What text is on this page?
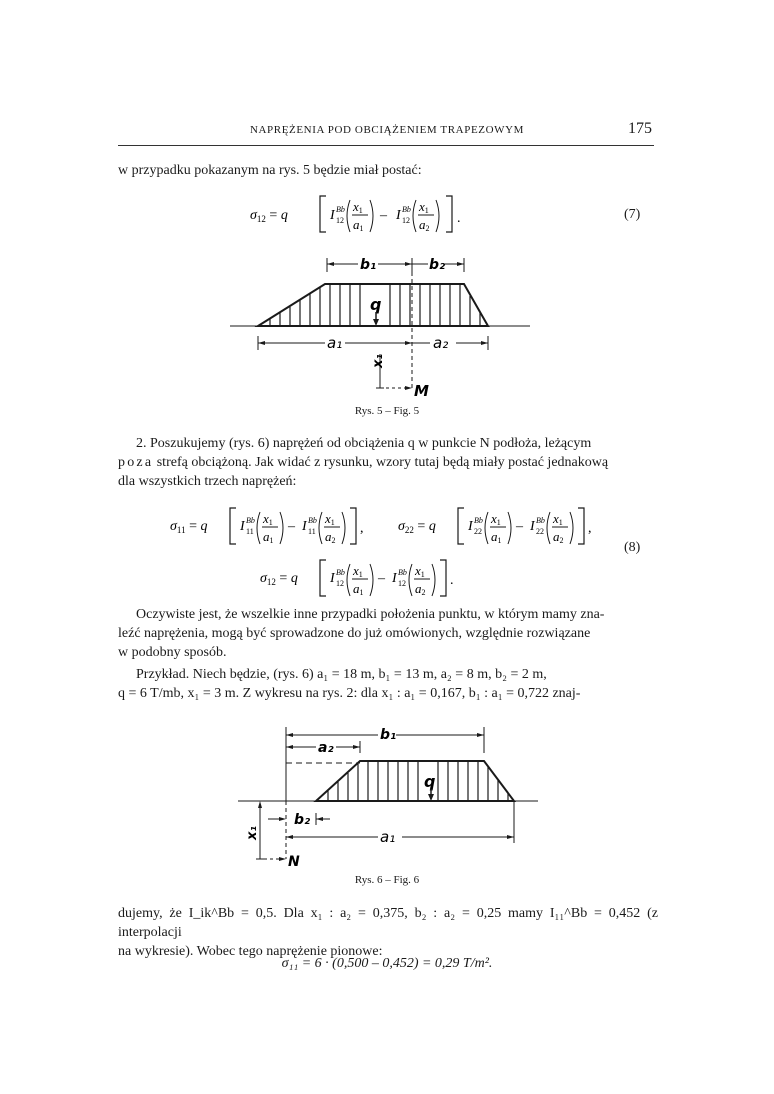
NAPRĘŻENIA POD OBCIĄŻENIEM TRAPEZOWYM	175
w przypadku pokazanym na rys. 5 będzie miał postać:
$\sigma_{12} = q$	I Bb
12
x1
a1
– I Bb
12
x1
a2
.	(7)
b₁	b₂
q
a₁	a₂
x₁
M
Rys. 5 – Fig. 5
2. Poszukujemy (rys. 6) naprężeń od obciążenia q w punkcie N podłoża, leżącym
poza strefą obciążoną. Jak widać z rysunku, wzory tutaj będą miały postać jednakową
dla wszystkich trzech naprężeń:
$\sigma_{11} = q$ I Bb
11
x1
a1
– I Bb
11
x1
a2
, $\sigma_{22} = q$ I Bb
22
x1
a1
– I Bb
22
x1
a2
,
$\sigma_{12} = q$ I Bb
12
x1
a1
– I Bb
12
x1
a2
.
(8)
Oczywiste jest, że wszelkie inne przypadki położenia punktu, w którym mamy zna-
leźć naprężenia, mogą być sprowadzone do już omówionych, względnie rozwiązane
w podobny sposób.
Przykład. Niech będzie, (rys. 6) a₁ = 18 m, b₁ = 13 m, a₂ = 8 m, b₂ = 2 m,
q = 6 T/mb, x₁ = 3 m. Z wykresu na rys. 2: dla x₁ : a₁ = 0,167, b₁ : a₁ = 0,722 znaj-
b₁
a₂
q
x₁
N
b₂
a₁
Rys. 6 – Fig. 6
dujemy, że I_ik^Bb = 0,5. Dla x₁ : a₂ = 0,375, b₂ : a₂ = 0,25 mamy I₁₁^Bb = 0,452 (z interpolacji
na wykresie). Wobec tego naprężenie pionowe:
σ₁₁ = 6 · (0,500 – 0,452) = 0,29 T/m².
